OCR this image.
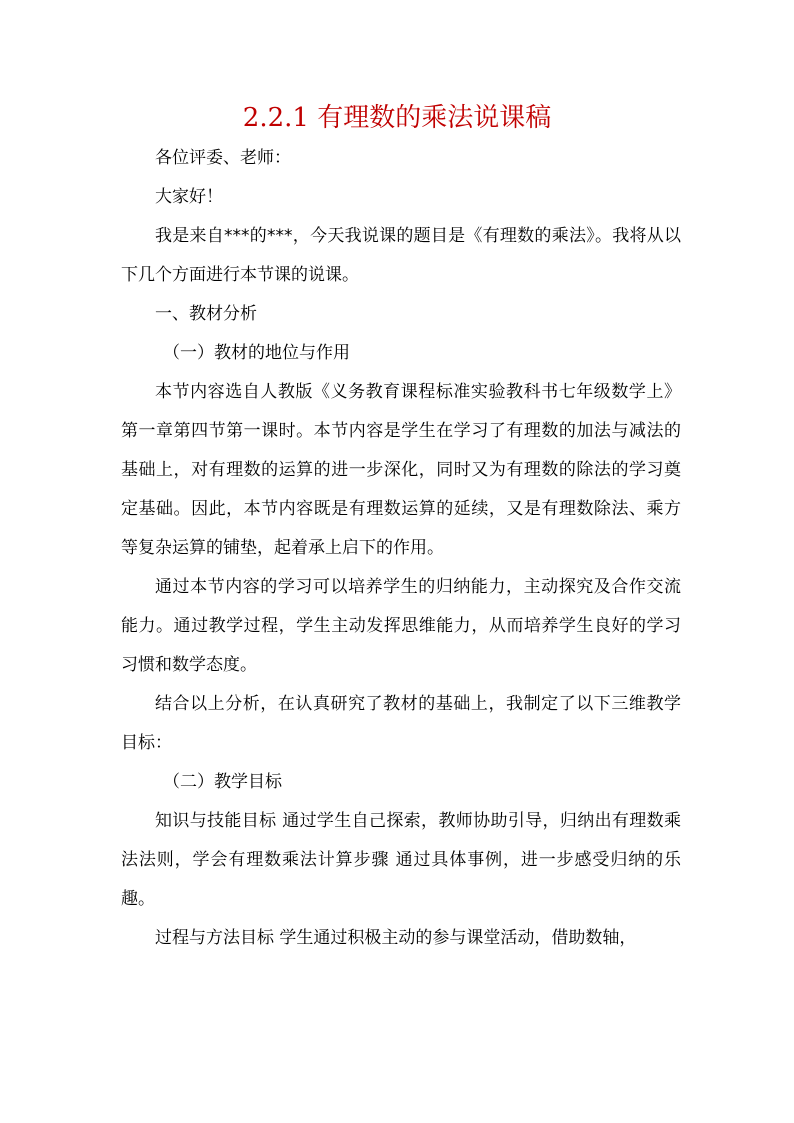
2.2.1 有理数的乘法说课稿

各位评委、老师：

大家好！

我是来自***的***，今天我说课的题目是《有理数的乘法》。我将从以下几个方面进行本节课的说课。

一、教材分析

（一）教材的地位与作用

本节内容选自人教版《义务教育课程标准实验教科书七年级数学上》第一章第四节第一课时。本节内容是学生在学习了有理数的加法与减法的基础上，对有理数的运算的进一步深化，同时又为有理数的除法的学习奠定基础。因此，本节内容既是有理数运算的延续，又是有理数除法、乘方等复杂运算的铺垫，起着承上启下的作用。

通过本节内容的学习可以培养学生的归纳能力，主动探究及合作交流能力。通过教学过程，学生主动发挥思维能力，从而培养学生良好的学习习惯和数学态度。

结合以上分析，在认真研究了教材的基础上，我制定了以下三维教学目标：

（二）教学目标

知识与技能目标 通过学生自己探索，教师协助引导，归纳出有理数乘法法则，学会有理数乘法计算步骤 通过具体事例，进一步感受归纳的乐趣。

过程与方法目标 学生通过积极主动的参与课堂活动，借助数轴，
